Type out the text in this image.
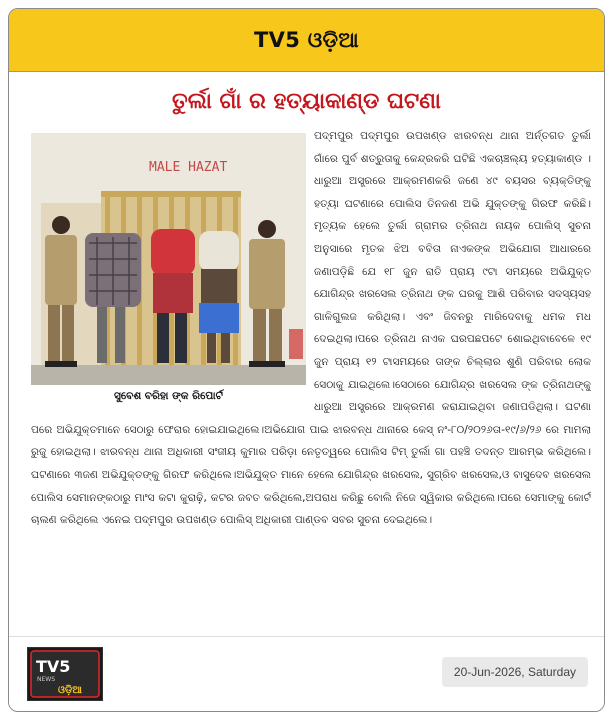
TV5 ଓଡ଼ିଆ
ତୁର୍ଲା ଗାଁ ର ହତ୍ୟାକାଣ୍ଡ ଘଟଣା

ପଦ୍ମପୁର ପଦ୍ମପୁର ଉପଖଣ୍ଡ ଝାରବନ୍ଧ ଥାନା ଅର୍ନ୍ତଗତ ତୁର୍ଲା ଗାଁରେ ପୁର୍ବ ଶତ୍ରୁତାକୁ କେନ୍ଦ୍ରକରି ଘଟିଛି ଏକଚାଞ୍ଚଲ୍ୟ ହତ୍ୟାକାଣ୍ଡ । ଧାରୁଆ ଅସ୍ତ୍ରରେ ଆକ୍ରମଣକରି ଜଣେ ୪୯ ବୟସର ବ୍ୟକ୍ତିଙ୍କୁ ହତ୍ୟା ଘଟଣାରେ ପୋଲିସ ତିନଜଣ ଅଭି ଯୁକ୍ତଙ୍କୁ ଗିରଫ କରିଛି।ମୃତ୍ୟକ ହେଲେ ତୁର୍ଲା ଗ୍ରାମର ତ୍ରିନାଥ ନାୟକ ପୋଲିସ୍ ସୁଚନା ଅନୁସାରେ ମୃତକ ଝିଅ ବବିତା ନାଏକଙ୍କ ଅଭିଯୋଗ ଆଧାରରେ ଜଣାପଡ଼ିଛି ଯେ ୧୮ ଜୁନ ରାତି ପ୍ରାୟ ୯ଟା ସମୟରେ ଅଭିଯୁକ୍ତ ଯୋଗିନ୍ଦ୍ର ଖରସେଲ ତ୍ରିନାଥ ଙ୍କ ଘରକୁ ଆଶି ପରିବାର ସଦସ୍ୟସହ ଗାଳିଗୁଲଜ କରିଥିଲା। ଏବଂ ଜିବନରୁ ମାରିଦେବାକୁ ଧମକ ମଧ ଦେଇଥିଲା।ପରେ ତ୍ରିନାଥ ନାଏକ ଘରପଛପଟେ ଶୋଇଥିବାବେଳେ ୧୯ ଜୁନ ପ୍ରାୟ ୧୨ ଟାସମୟରେ ତାଙ୍କ ଚିଲ୍ଲାର ଶୁଣି ପରିବାର ଲୋକ ସେଠାକୁ ଯାଇଥିଲେ।ସେଠାରେ ଯୋଗିନ୍ଦ୍ର ଖରସେଲ ଙ୍କ ତ୍ରିନାଥଙ୍କୁ ଧାରୁଆ ଅସ୍ତ୍ରରେ ଆକ୍ରମଣ କରାଯାଇଥିବା ଜଣାପଡିଥିଲା। ଘଟଣା ପରେ ଅଭିଯୁକ୍ତମାନେ ସେଠାରୁ ଫେରାର ହୋଇଯାଇଥିଲେ।ଅଭିଯୋଗ ପାଇ ଝାରବନ୍ଧ ଥାନାରେ କେସ୍ ନଂ-୮୦/୨୦୨୬ତା-୧୯/୬/୨୬ ରେ ମାମଲା ରୁଜୁ ହୋଇଥିଲା। ଝାରବନ୍ଧ ଥାନା ଅଧିକାରୀ ସଂଜୀୟ କୁମାର ପରିଡ଼ା ନେତୃତ୍ୱରେ ପୋଲିସ ଟିମ୍ ତୁର୍ଲା ଗା ପହଞ୍ଚି ତଦନ୍ତ ଆରମ୍ଭ କରିଥିଲେ। ଘଟଣାରେ ୩ଜଣ ଅଭିଯୁକ୍ତଙ୍କୁ ଗିରଫ କରିଥିଲେ।ଅଭିଯୁକ୍ତ ମାନେ ହେଲେ ଯୋଗିନ୍ଦ୍ର ଖରସେଲ, ସୁଗ୍ରିବ ଖରସେଲ,ଓ ବାସୁଦେବ ଖରସେଲ ପୋଲିସ ସେମାନଙ୍କଠାରୁ ମାଂସ କଟା କୁରାଢ଼ି, କଟର ଜବତ କରିଥିଲେ,ଅପରାଧ କରିଛୁ ବୋଲି ନିଜେ ସ୍ୱିକାର କରିଥିଲେ।ପରେ ସେମାଙ୍କୁ କୋର୍ଟ ଚାଲଣ କରିଥିଲେ ଏନେଇ ପଦ୍ମପୁର ଉପଖଣ୍ଡ ପୋଲିସ୍ ଅଧିକାରୀ ପାଣ୍ଡବ ସବର ସୁଚନା ଦେଇଥିଲେ।

MALE HAZAT
ସୁବେଶ ବରିହା ଙ୍କ ରିପୋର୍ଟ
TV5
NEWS
ଓଡ଼ିଆ
20-Jun-2026, Saturday
